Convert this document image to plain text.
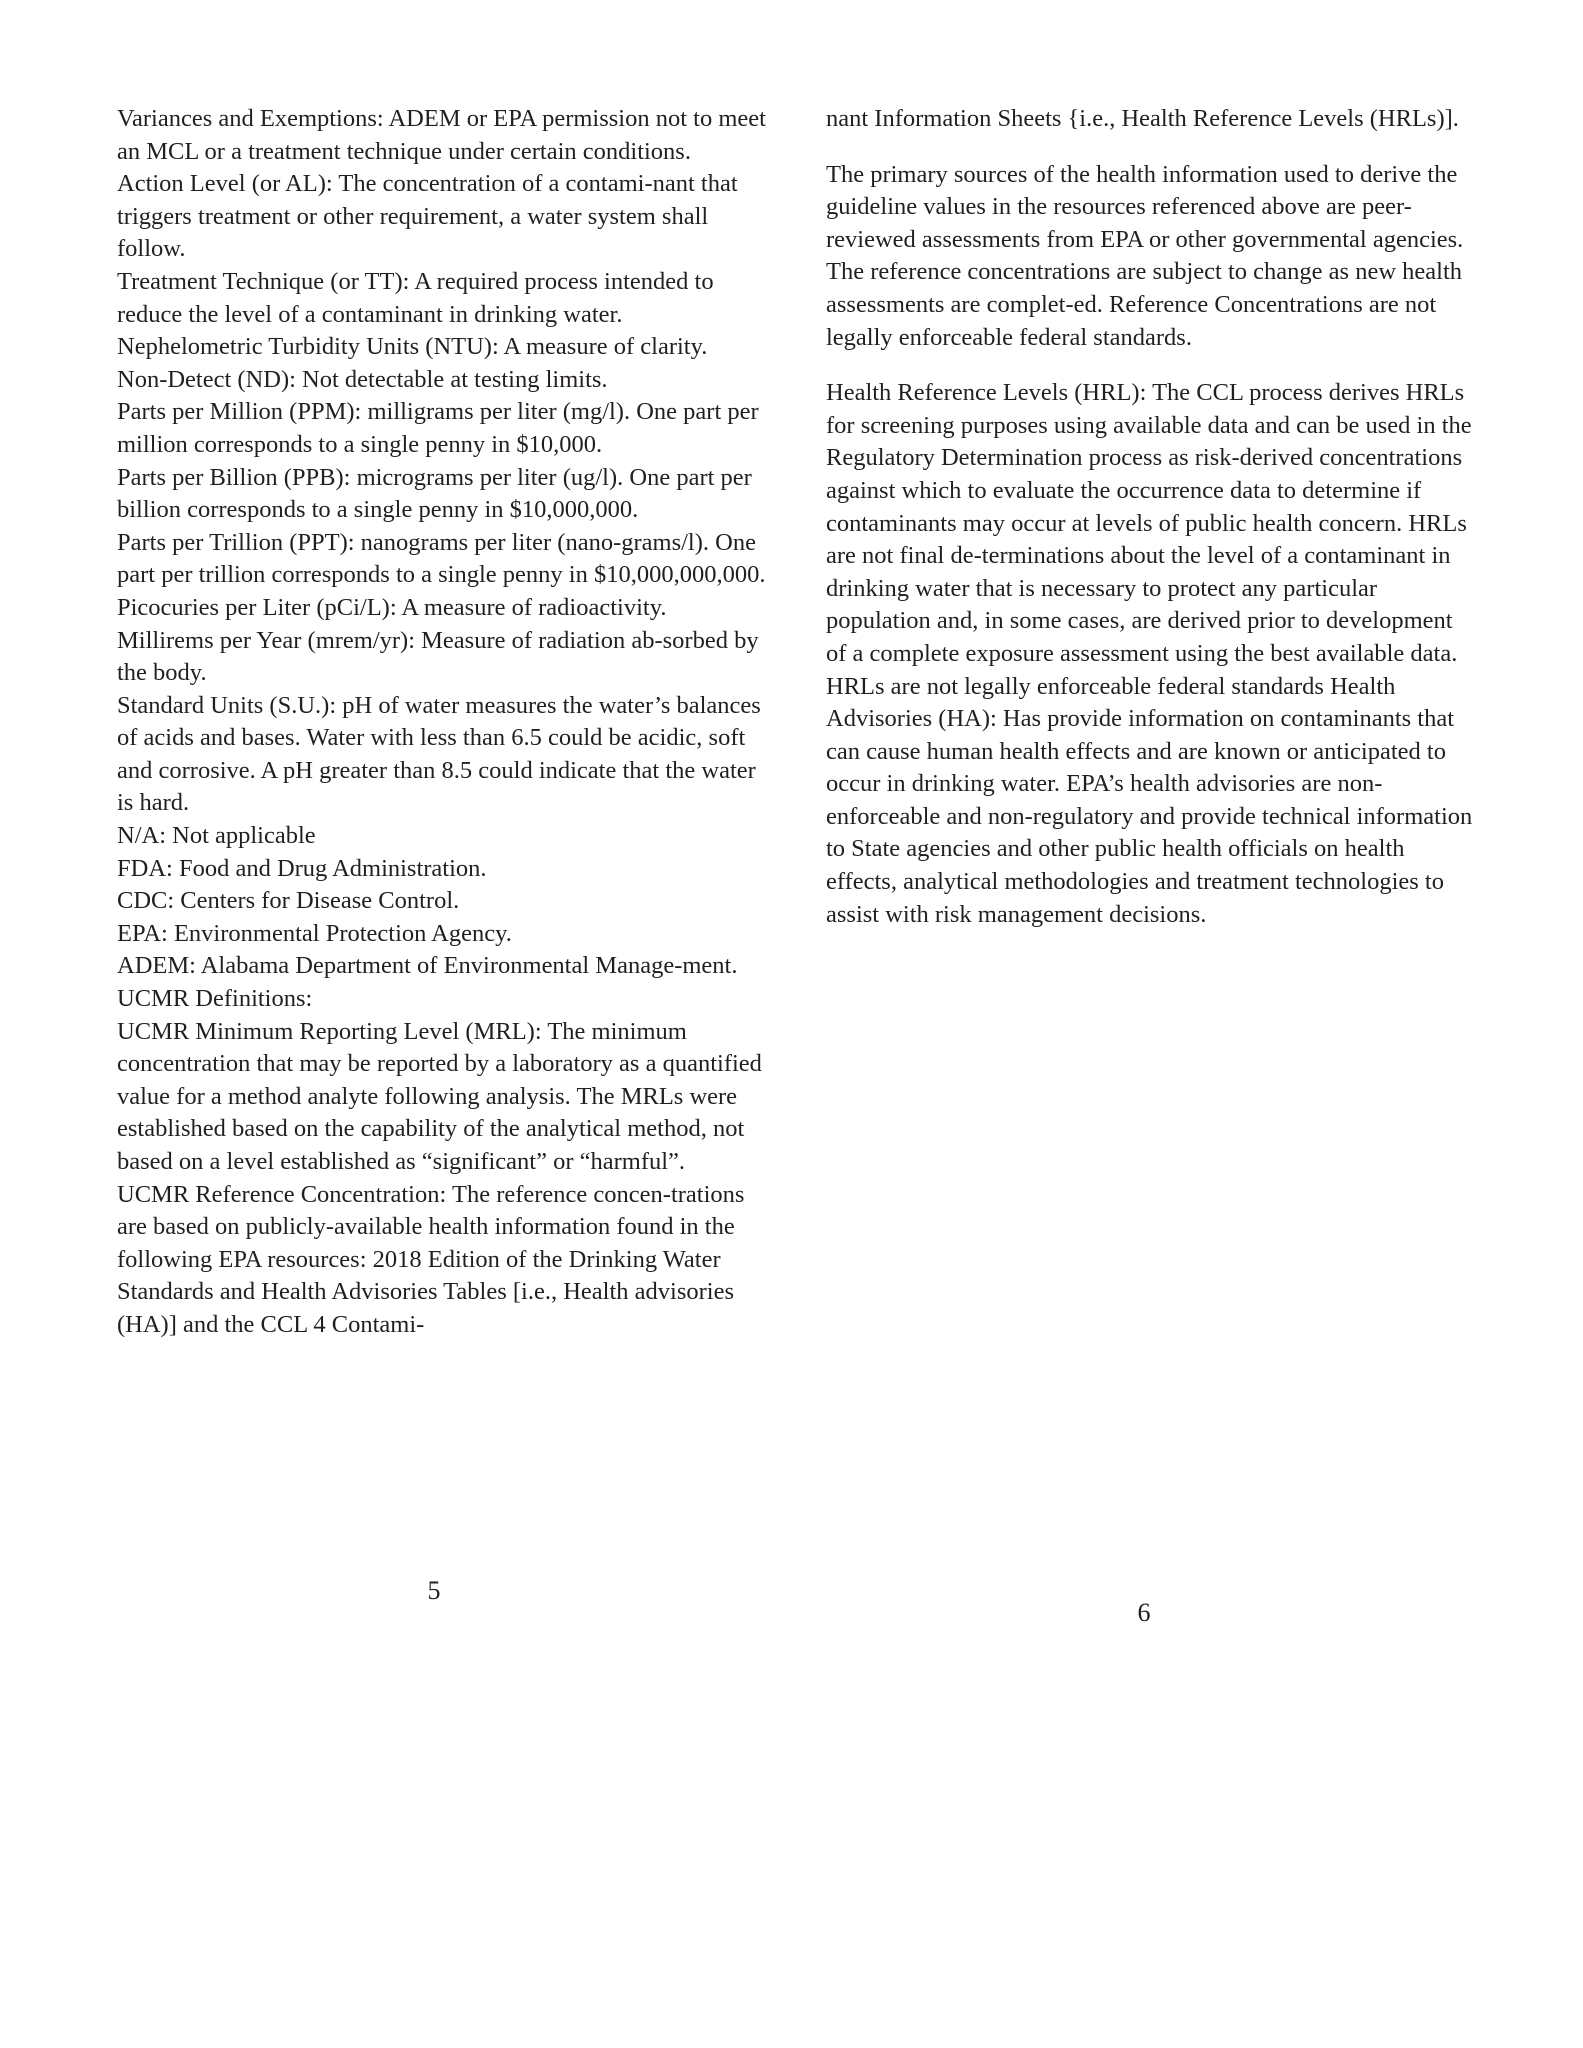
Variances and Exemptions: ADEM or EPA permission not to meet an MCL or a treatment technique under certain conditions.
Action Level (or AL): The concentration of a contami-nant that triggers treatment or other requirement, a water system shall follow.
Treatment Technique (or TT): A required process intended to reduce the level of a contaminant in drinking water.
Nephelometric Turbidity Units (NTU): A measure of clarity.
Non-Detect (ND): Not detectable at testing limits.
Parts per Million (PPM): milligrams per liter (mg/l). One part per million corresponds to a single penny in $10,000.
Parts per Billion (PPB): micrograms per liter (ug/l). One part per billion corresponds to a single penny in $10,000,000.
Parts per Trillion (PPT): nanograms per liter (nano-grams/l). One part per trillion corresponds to a single penny in $10,000,000,000.
Picocuries per Liter (pCi/L): A measure of radioactivity.
Millirems per Year (mrem/yr): Measure of radiation ab-sorbed by the body.
Standard Units (S.U.): pH of water measures the water’s balances of acids and bases. Water with less than 6.5 could be acidic, soft and corrosive. A pH greater than 8.5 could indicate that the water is hard.
N/A: Not applicable
FDA: Food and Drug Administration.
CDC: Centers for Disease Control.
EPA: Environmental Protection Agency.
ADEM: Alabama Department of Environmental Manage-ment.
UCMR Definitions:
UCMR Minimum Reporting Level (MRL): The minimum concentration that may be reported by a laboratory as a quantified value for a method analyte following analysis. The MRLs were established based on the capability of the analytical method, not based on a level established as “significant” or “harmful”.
UCMR Reference Concentration: The reference concen-trations are based on publicly-available health information found in the following EPA resources: 2018 Edition of the Drinking Water Standards and Health Advisories Tables [i.e., Health advisories (HA)] and the CCL 4 Contami-
5

nant Information Sheets {i.e., Health Reference Levels (HRLs)].

The primary sources of the health information used to derive the guideline values in the resources referenced above are peer-reviewed assessments from EPA or other governmental agencies. The reference concentrations are subject to change as new health assessments are complet-ed. Reference Concentrations are not legally enforceable federal standards.

Health Reference Levels (HRL): The CCL process derives HRLs for screening purposes using available data and can be used in the Regulatory Determination process as risk-derived concentrations against which to evaluate the occurrence data to determine if contaminants may occur at levels of public health concern. HRLs are not final de-terminations about the level of a contaminant in drinking water that is necessary to protect any particular population and, in some cases, are derived prior to development of a complete exposure assessment using the best available data. HRLs are not legally enforceable federal standards Health Advisories (HA): Has provide information on contaminants that can cause human health effects and are known or anticipated to occur in drinking water. EPA’s health advisories are non-enforceable and non-regulatory and provide technical information to State agencies and other public health officials on health effects, analytical methodologies and treatment technologies to assist with risk management decisions.

6
